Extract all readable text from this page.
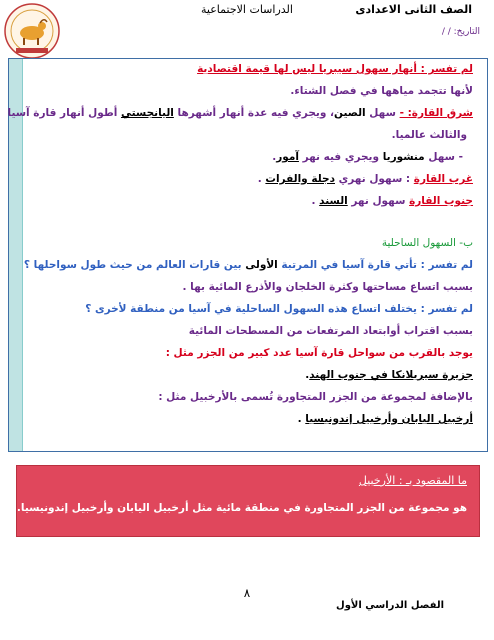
الصف الثانى الاعدادى
الدراسات الاجتماعية
التاريخ: / /
لم تفسر : أنهار سهول سيبريا ليس لها قيمة اقتصادية
لأنها تتجمد مياهها في فصل الشتاء.
شرق القارة: - سهل الصين، ويجري فيه عدة أنهار أشهرها اليانجستي أطول أنهار قارة آسيا
والثالث عالميا.
- سهل منشوريا ويجري فيه نهر آمور.
غرب القارة : سهول نهري دجلة والفرات .
جنوب القارة سهول نهر السند .
ب- السهول الساحلية
لم تفسر : تأتي قارة آسيا في المرتبة الأولى بين قارات العالم من حيث طول سواحلها ؟
بسبب اتساع مساحتها وكثرة الخلجان والأذرع المائية بها .
لم تفسر : يختلف اتساع هذه السهول الساحلية في آسيا من منطقة لأخرى ؟
بسبب اقتراب أوابتعاد المرتفعات من المسطحات المائية
يوجد بالقرب من سواحل قارة آسيا عدد كبير من الجزر مثل :
جزيرة سيريلانكا في جنوب الهند.
بالإضافة لمجموعة من الجزر المتجاورة تُسمى بالأرخبيل مثل :
أرخبيل اليابان وأرخبيل إندونيسيا .
ما المقصود بـ : الأرخبيل
هو مجموعة من الجزر المتجاورة في منطقة مائية مثل أرخبيل اليابان وأرخبيل إندونيسيا.
٨
الفصل الدراسي الأول
